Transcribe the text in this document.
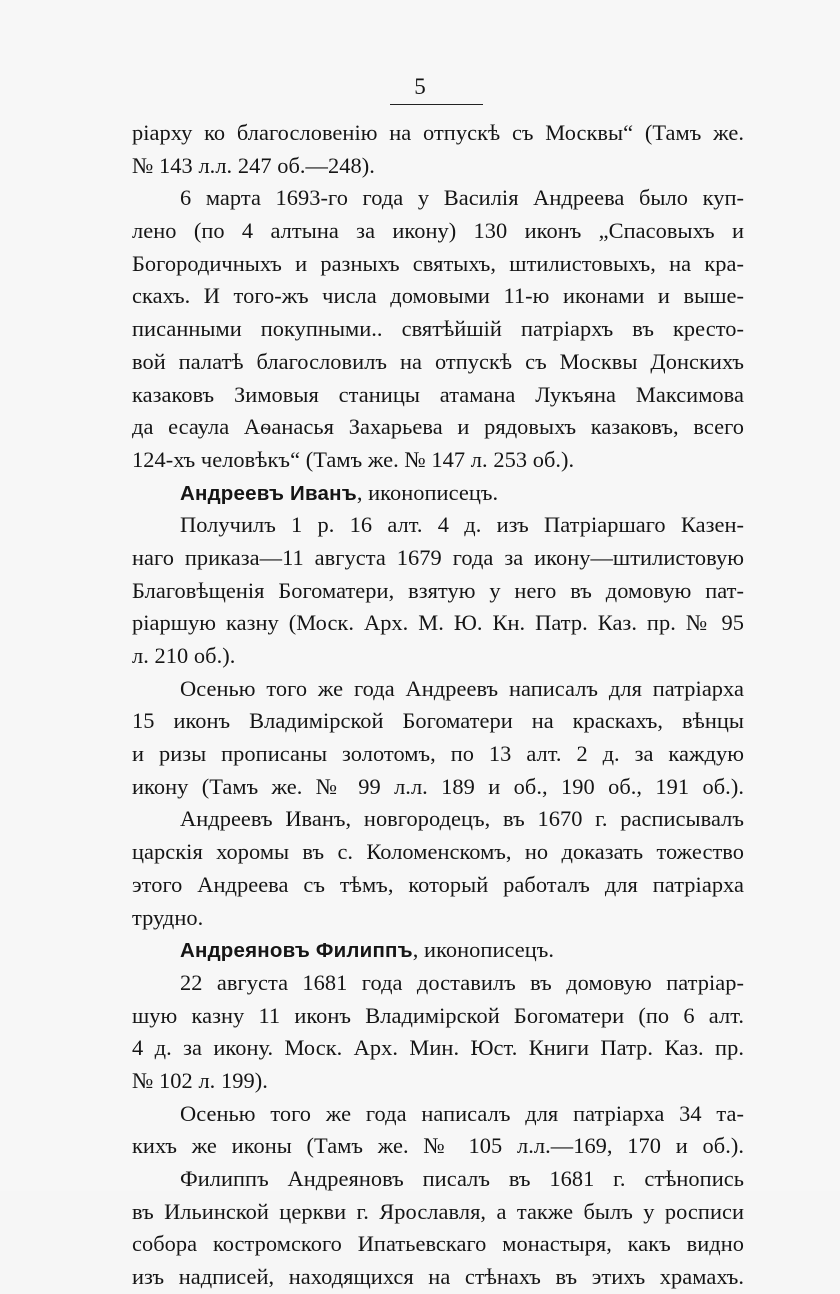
5
ріарху ко благословенію на отпускѣ съ Москвы“ (Тамъ же.
№ 143 л.л. 247 об.—248).
6 марта 1693-го года у Василія Андреева было куп-
лено (по 4 алтына за икону) 130 иконъ „Спасовыхъ и
Богородичныхъ и разныхъ святыхъ, штилистовыхъ, на кра-
скахъ. И того-жъ числа домовыми 11-ю иконами и выше-
писанными покупными.. святѣйшій патріархъ въ кресто-
вой палатѣ благословилъ на отпускѣ съ Москвы Донскихъ
казаковъ Зимовыя станицы атамана Лукъяна Максимова
да есаула Аѳанасья Захарьева и рядовыхъ казаковъ, всего
124-хъ человѣкъ“ (Тамъ же. № 147 л. 253 об.).
Андреевъ Иванъ, иконописецъ.
Получилъ 1 р. 16 алт. 4 д. изъ Патріаршаго Казен-
наго приказа—11 августа 1679 года за икону—штилистовую
Благовѣщенія Богоматери, взятую у него въ домовую пат-
ріаршую казну (Моск. Арх. М. Ю. Кн. Патр. Каз. пр. № 95
л. 210 об.).
Осенью того же года Андреевъ написалъ для патріарха
15 иконъ Владимірской Богоматери на краскахъ, вѣнцы
и ризы прописаны золотомъ, по 13 алт. 2 д. за каждую
икону (Тамъ же. № 99 л.л. 189 и об., 190 об., 191 об.).
Андреевъ Иванъ, новгородецъ, въ 1670 г. расписывалъ
царскія хоромы въ с. Коломенскомъ, но доказать тожество
этого Андреева съ тѣмъ, который работалъ для патріарха
трудно.
Андреяновъ Филиппъ, иконописецъ.
22 августа 1681 года доставилъ въ домовую патріар-
шую казну 11 иконъ Владимірской Богоматери (по 6 алт.
4 д. за икону. Моск. Арх. Мин. Юст. Книги Патр. Каз. пр.
№ 102 л. 199).
Осенью того же года написалъ для патріарха 34 та-
кихъ же иконы (Тамъ же. № 105 л.л.—169, 170 и об.).
Филиппъ Андреяновъ писалъ въ 1681 г. стѣнопись
въ Ильинской церкви г. Ярославля, а также былъ у росписи
собора костромского Ипатьевскаго монастыря, какъ видно
изъ надписей, находящихся на стѣнахъ въ этихъ храмахъ.
